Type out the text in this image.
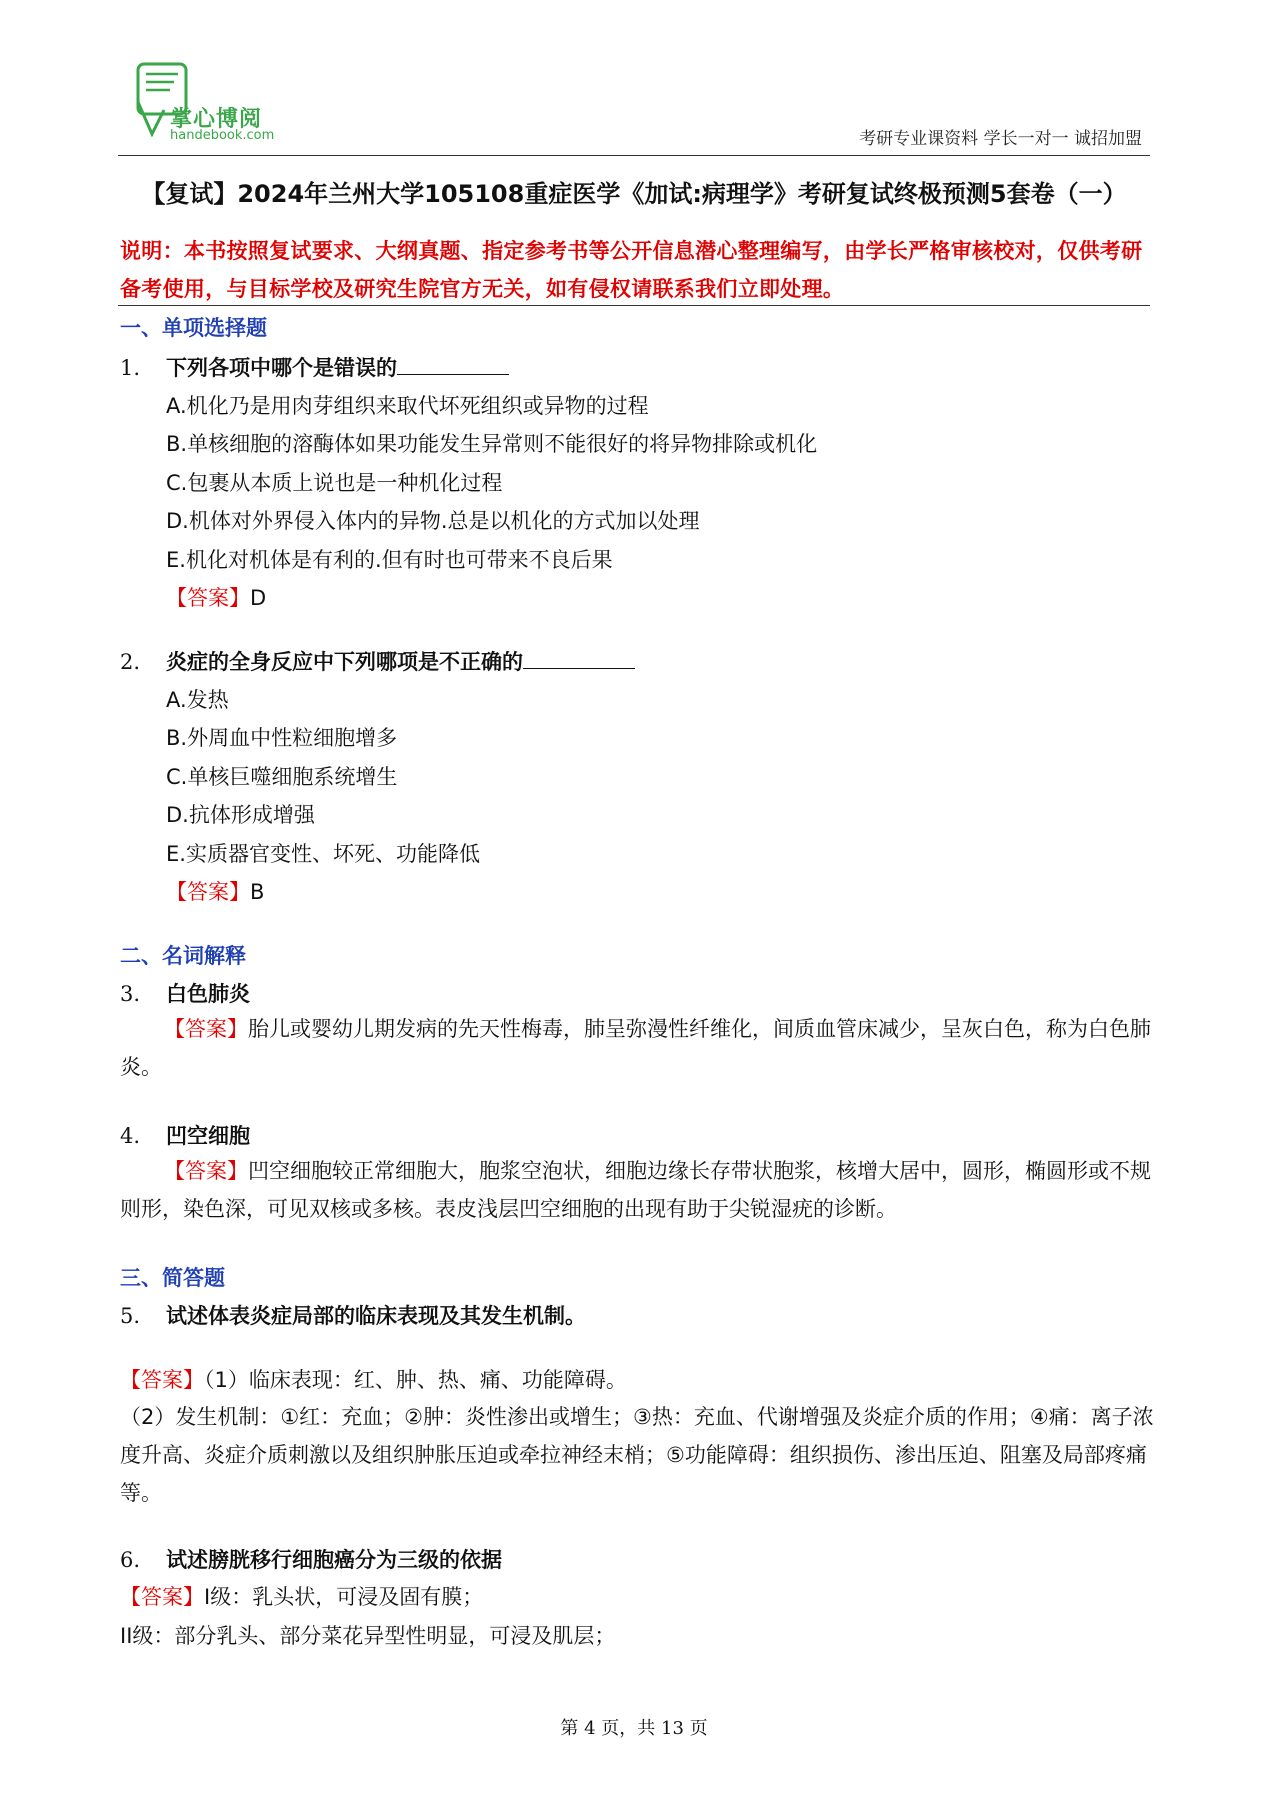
掌心博阅
handebook.com	考研专业课资料 学长一对一 诚招加盟
【复试】2024年兰州大学105108重症医学《加试:病理学》考研复试终极预测5套卷（一）
说明：本书按照复试要求、大纲真题、指定参考书等公开信息潜心整理编写，由学长严格审核校对，仅供考研备考使用，与目标学校及研究生院官方无关，如有侵权请联系我们立即处理。
一、单项选择题
1. 下列各项中哪个是错误的
A.机化乃是用肉芽组织来取代坏死组织或异物的过程
B.单核细胞的溶酶体如果功能发生异常则不能很好的将异物排除或机化
C.包裹从本质上说也是一种机化过程
D.机体对外界侵入体内的异物.总是以机化的方式加以处理
E.机化对机体是有利的.但有时也可带来不良后果
【答案】D
2. 炎症的全身反应中下列哪项是不正确的
A.发热
B.外周血中性粒细胞增多
C.单核巨噬细胞系统增生
D.抗体形成增强
E.实质器官变性、坏死、功能降低
【答案】B
二、名词解释
3. 白色肺炎
【答案】胎儿或婴幼儿期发病的先天性梅毒，肺呈弥漫性纤维化，间质血管床减少，呈灰白色，称为白色肺炎。
4. 凹空细胞
【答案】凹空细胞较正常细胞大，胞浆空泡状，细胞边缘长存带状胞浆，核增大居中，圆形，椭圆形或不规则形，染色深，可见双核或多核。表皮浅层凹空细胞的出现有助于尖锐湿疣的诊断。
三、简答题
5. 试述体表炎症局部的临床表现及其发生机制。
【答案】（1）临床表现：红、肿、热、痛、功能障碍。
（2）发生机制：①红：充血；②肿：炎性渗出或增生；③热：充血、代谢增强及炎症介质的作用；④痛：离子浓度升高、炎症介质刺激以及组织肿胀压迫或牵拉神经末梢；⑤功能障碍：组织损伤、渗出压迫、阻塞及局部疼痛等。
6. 试述膀胱移行细胞癌分为三级的依据
【答案】I级：乳头状，可浸及固有膜；
II级：部分乳头、部分菜花异型性明显，可浸及肌层；
第 4 页，共 13 页
